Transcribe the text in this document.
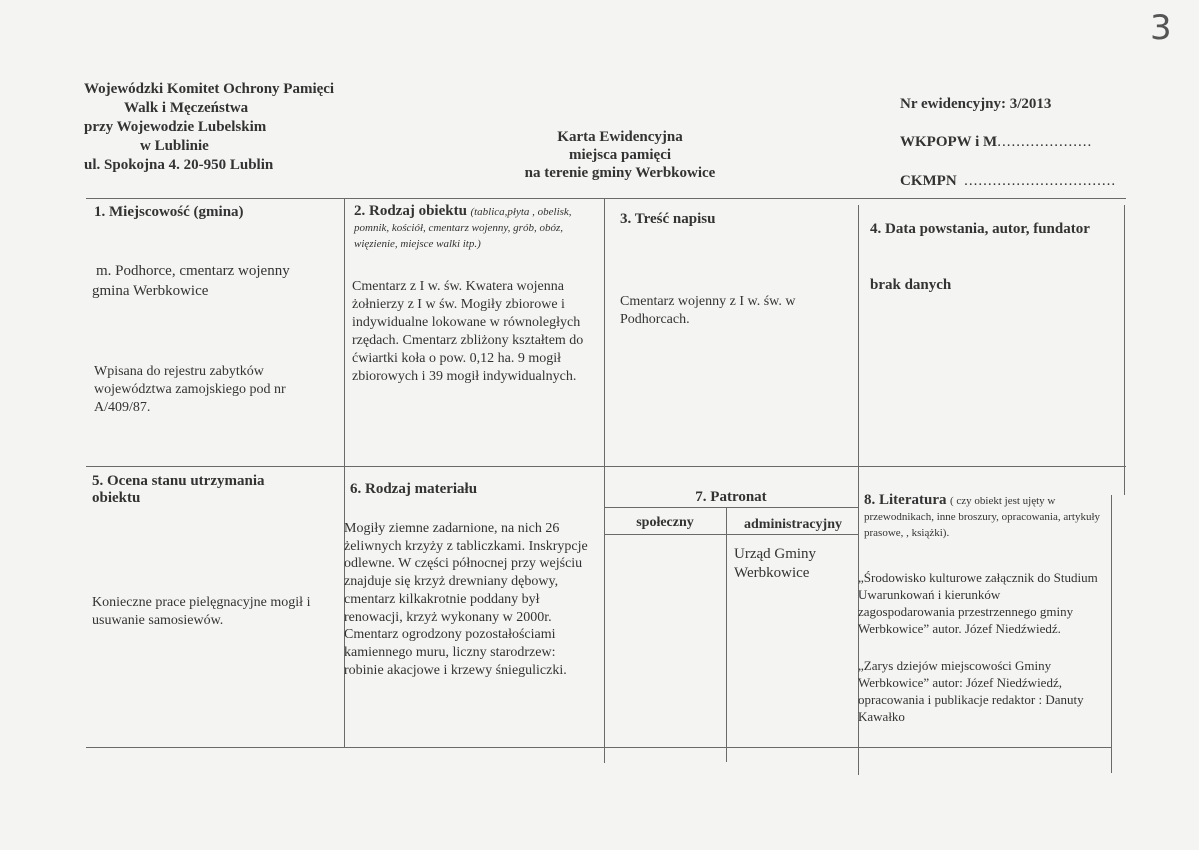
3
Wojewódzki Komitet Ochrony Pamięci
Walk i Męczeństwa
przy Wojewodzie Lubelskim
w Lublinie
ul. Spokojna 4. 20-950 Lublin
Karta Ewidencyjna
miejsca pamięci
na terenie gminy Werbkowice
Nr ewidencyjny: 3/2013
WKPOPW i M....................
CKMPN ................................
1. Miejscowość (gmina)
m. Podhorce, cmentarz wojenny
gmina Werbkowice
Wpisana do rejestru zabytków województwa zamojskiego pod nr A/409/87.
2. Rodzaj obiektu (tablica,płyta , obelisk, pomnik, kościół, cmentarz wojenny, grób, obóz, więzienie, miejsce walki itp.)
Cmentarz z I w. św. Kwatera wojenna żołnierzy z I w św. Mogiły zbiorowe i indywidualne lokowane w równoległych rzędach. Cmentarz zbliżony kształtem do ćwiartki koła o pow. 0,12 ha. 9 mogił zbiorowych i 39 mogił indywidualnych.
3. Treść napisu
Cmentarz wojenny z I w. św. w Podhorcach.
4. Data powstania, autor, fundator
brak danych
5. Ocena stanu utrzymania obiektu
Konieczne prace pielęgnacyjne mogił i usuwanie samosiewów.
6. Rodzaj materiału
Mogiły ziemne zadarnione, na nich 26 żeliwnych krzyży z tabliczkami. Inskrypcje odlewne. W części północnej przy wejściu znajduje się krzyż drewniany dębowy, cmentarz kilkakrotnie poddany był renowacji, krzyż wykonany w 2000r. Cmentarz ogrodzony pozostałościami kamiennego muru, liczny starodrzew: robinie akacjowe i krzewy śnieguliczki.
7. Patronat
społeczny	administracyjny
Urząd Gminy Werbkowice
8. Literatura ( czy obiekt jest ujęty w przewodnikach, inne broszury, opracowania, artykuły prasowe, , książki).
„Środowisko kulturowe załącznik do Studium Uwarunkowań i kierunków zagospodarowania przestrzennego gminy Werbkowice” autor. Józef Niedźwiedź.
„Zarys dziejów miejscowości Gminy Werbkowice” autor: Józef Niedźwiedź, opracowania i publikacje redaktor : Danuty Kawałko
